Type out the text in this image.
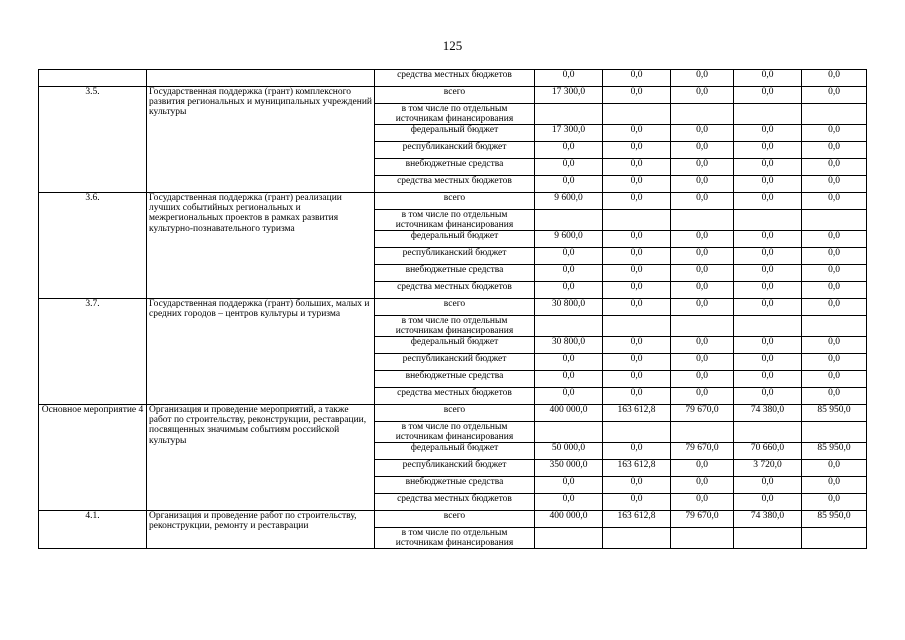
125
		средства местных бюджетов	0,0	0,0	0,0	0,0	0,0
3.5.	Государственная поддержка (грант) комплексного развития региональных и муниципальных учреждений культуры	всего	17 300,0	0,0	0,0	0,0	0,0
		в том числе по отдельным источникам финансирования					
		федеральный бюджет	17 300,0	0,0	0,0	0,0	0,0
		республиканский бюджет	0,0	0,0	0,0	0,0	0,0
		внебюджетные средства	0,0	0,0	0,0	0,0	0,0
		средства местных бюджетов	0,0	0,0	0,0	0,0	0,0
3.6.	Государственная поддержка (грант) реализации лучших событийных региональных и межрегиональных проектов в рамках развития культурно-познавательного туризма	всего	9 600,0	0,0	0,0	0,0	0,0
		в том числе по отдельным источникам финансирования					
		федеральный бюджет	9 600,0	0,0	0,0	0,0	0,0
		республиканский бюджет	0,0	0,0	0,0	0,0	0,0
		внебюджетные средства	0,0	0,0	0,0	0,0	0,0
		средства местных бюджетов	0,0	0,0	0,0	0,0	0,0
3.7.	Государственная поддержка (грант) больших, малых и средних городов – центров культуры и туризма	всего	30 800,0	0,0	0,0	0,0	0,0
		в том числе по отдельным источникам финансирования					
		федеральный бюджет	30 800,0	0,0	0,0	0,0	0,0
		республиканский бюджет	0,0	0,0	0,0	0,0	0,0
		внебюджетные средства	0,0	0,0	0,0	0,0	0,0
		средства местных бюджетов	0,0	0,0	0,0	0,0	0,0
Основное мероприятие 4	Организация и проведение мероприятий, а также работ по строительству, реконструкции, реставрации, посвященных значимым событиям российской культуры	всего	400 000,0	163 612,8	79 670,0	74 380,0	85 950,0
		в том числе по отдельным источникам финансирования					
		федеральный бюджет	50 000,0	0,0	79 670,0	70 660,0	85 950,0
		республиканский бюджет	350 000,0	163 612,8	0,0	3 720,0	0,0
		внебюджетные средства	0,0	0,0	0,0	0,0	0,0
		средства местных бюджетов	0,0	0,0	0,0	0,0	0,0
4.1.	Организация и проведение работ по строительству, реконструкции, ремонту и реставрации	всего	400 000,0	163 612,8	79 670,0	74 380,0	85 950,0
		в том числе по отдельным источникам финансирования					
